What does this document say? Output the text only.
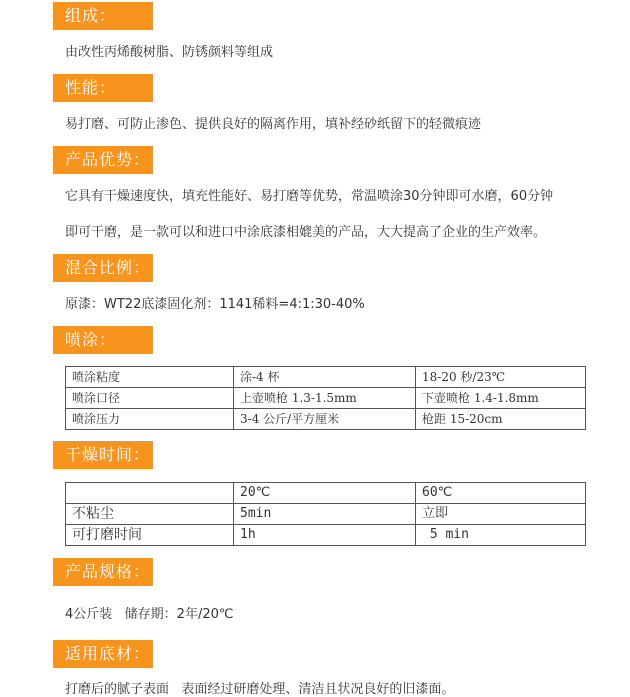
组成：
由改性丙烯酸树脂、防锈颜料等组成
性能：
易打磨、可防止渗色、提供良好的隔离作用，填补经砂纸留下的轻微痕迹
产品优势：
它具有干燥速度快，填充性能好、易打磨等优势，常温喷涂30分钟即可水磨，60分钟
即可干磨，是一款可以和进口中涂底漆相媲美的产品，大大提高了企业的生产效率。
混合比例：
原漆：WT22底漆固化剂：1141稀料=4:1:30-40%
喷涂：
喷涂粘度	涂-4 杯	18-20 秒/23℃
喷涂口径	上壶喷枪 1.3-1.5mm	下壶喷枪 1.4-1.8mm
喷涂压力	3-4 公斤/平方厘米	枪距 15-20cm
干燥时间：
	20℃	60℃
不粘尘	5min	立即
可打磨时间	1h	5 min
产品规格：
4公斤装   储存期：2年/20℃
适用底材：
打磨后的腻子表面   表面经过研磨处理、清洁且状况良好的旧漆面。
